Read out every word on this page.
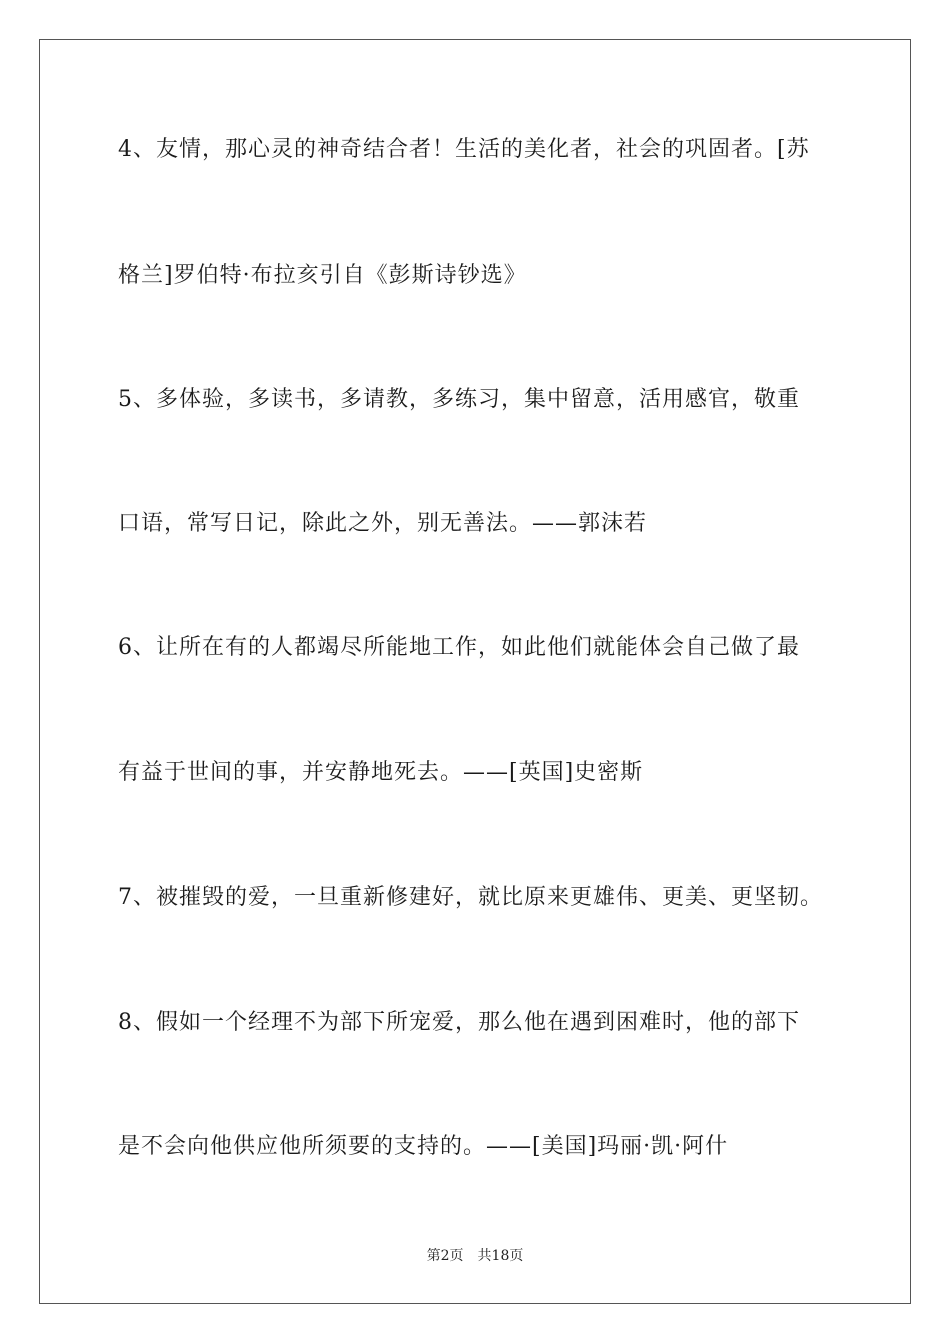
4、友情，那心灵的神奇结合者！生活的美化者，社会的巩固者。[苏
格兰]罗伯特·布拉亥引自《彭斯诗钞选》
5、多体验，多读书，多请教，多练习，集中留意，活用感官，敬重
口语，常写日记，除此之外，别无善法。——郭沫若
6、让所在有的人都竭尽所能地工作，如此他们就能体会自己做了最
有益于世间的事，并安静地死去。——[英国]史密斯
7、被摧毁的爱，一旦重新修建好，就比原来更雄伟、更美、更坚韧。
8、假如一个经理不为部下所宠爱，那么他在遇到困难时，他的部下
是不会向他供应他所须要的支持的。——[美国]玛丽·凯·阿什
第2页 共18页
